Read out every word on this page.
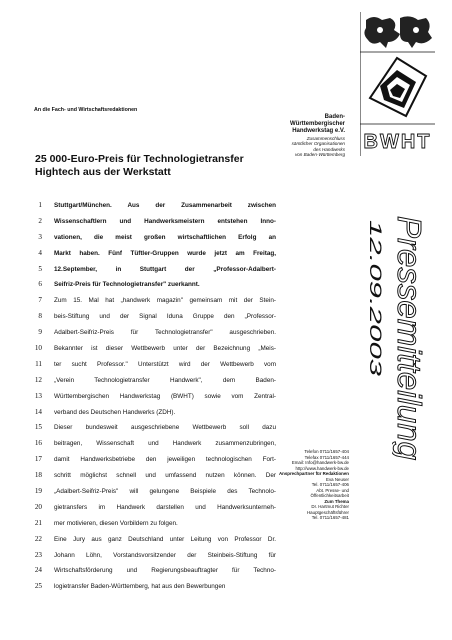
An die Fach- und Wirtschaftsredaktionen
Baden-Württembergischer
Handwerkstag e.V.
Zusammenschluss
sämtlicher Organisationen
des Handwerks
von Baden-Württemberg
BWHT
25 000-Euro-Preis für Technologietransfer
Hightech aus der Werkstatt
1 Stuttgart/München. Aus der Zusammenarbeit zwischen
2 Wissenschaftlern und Handwerksmeistern entstehen Inno-
3 vationen, die meist großen wirtschaftlichen Erfolg an
4 Markt haben. Fünf Tüftler-Gruppen wurde jetzt am Freitag,
5 12.September, in Stuttgart der „Professor-Adalbert-
6 Seifriz-Preis für Technologietransfer" zuerkannt.
7 Zum 15. Mal hat „handwerk magazin" gemeinsam mit der Stein-
8 beis-Stiftung und der Signal Iduna Gruppe den „Professor-
9 Adalbert-Seifriz-Preis für Technologietransfer" ausgeschrieben.
10 Bekannter ist dieser Wettbewerb unter der Bezeichnung „Meis-
11 ter sucht Professor." Unterstützt wird der Wettbewerb vom
12 „Verein Technologietransfer Handwerk", dem Baden-
13 Württembergischen Handwerkstag (BWHT) sowie vom Zentral-
14 verband des Deutschen Handwerks (ZDH).
15 Dieser bundesweit ausgeschriebene Wettbewerb soll dazu
16 beitragen, Wissenschaft und Handwerk zusammenzubringen,
17 damit Handwerksbetriebe den jeweiligen technologischen Fort-
18 schritt möglichst schnell und umfassend nutzen können. Der
19 „Adalbert-Seifriz-Preis" will gelungene Beispiele des Technolo-
20 gietransfers im Handwerk darstellen und Handwerksunterneh-
21 mer motivieren, diesen Vorbildern zu folgen.
22 Eine Jury aus ganz Deutschland unter Leitung von Professor Dr.
23 Johann Löhn, Vorstandsvorsitzender der Steinbeis-Stiftung für
24 Wirtschaftsförderung und Regierungsbeauftragter für Techno-
25 logietransfer Baden-Württemberg, hat aus den Bewerbungen
12.09.2003 Pressemitteilung
Telefon 0711/1657-404
Telefax 0711/1657-444
Email: Info@handwerk-bw.de
http://www.handwerk-bw.de
Ansprechpartner für Redaktionen
Eva Neuser
Tel. 0711/1657-406
Abt. Presse- und
Öffentlichkeitsarbeit
Zum Thema
Dr. Hartmut Richter
Hauptgeschäftsführer
Tel. 0711/1657-481
